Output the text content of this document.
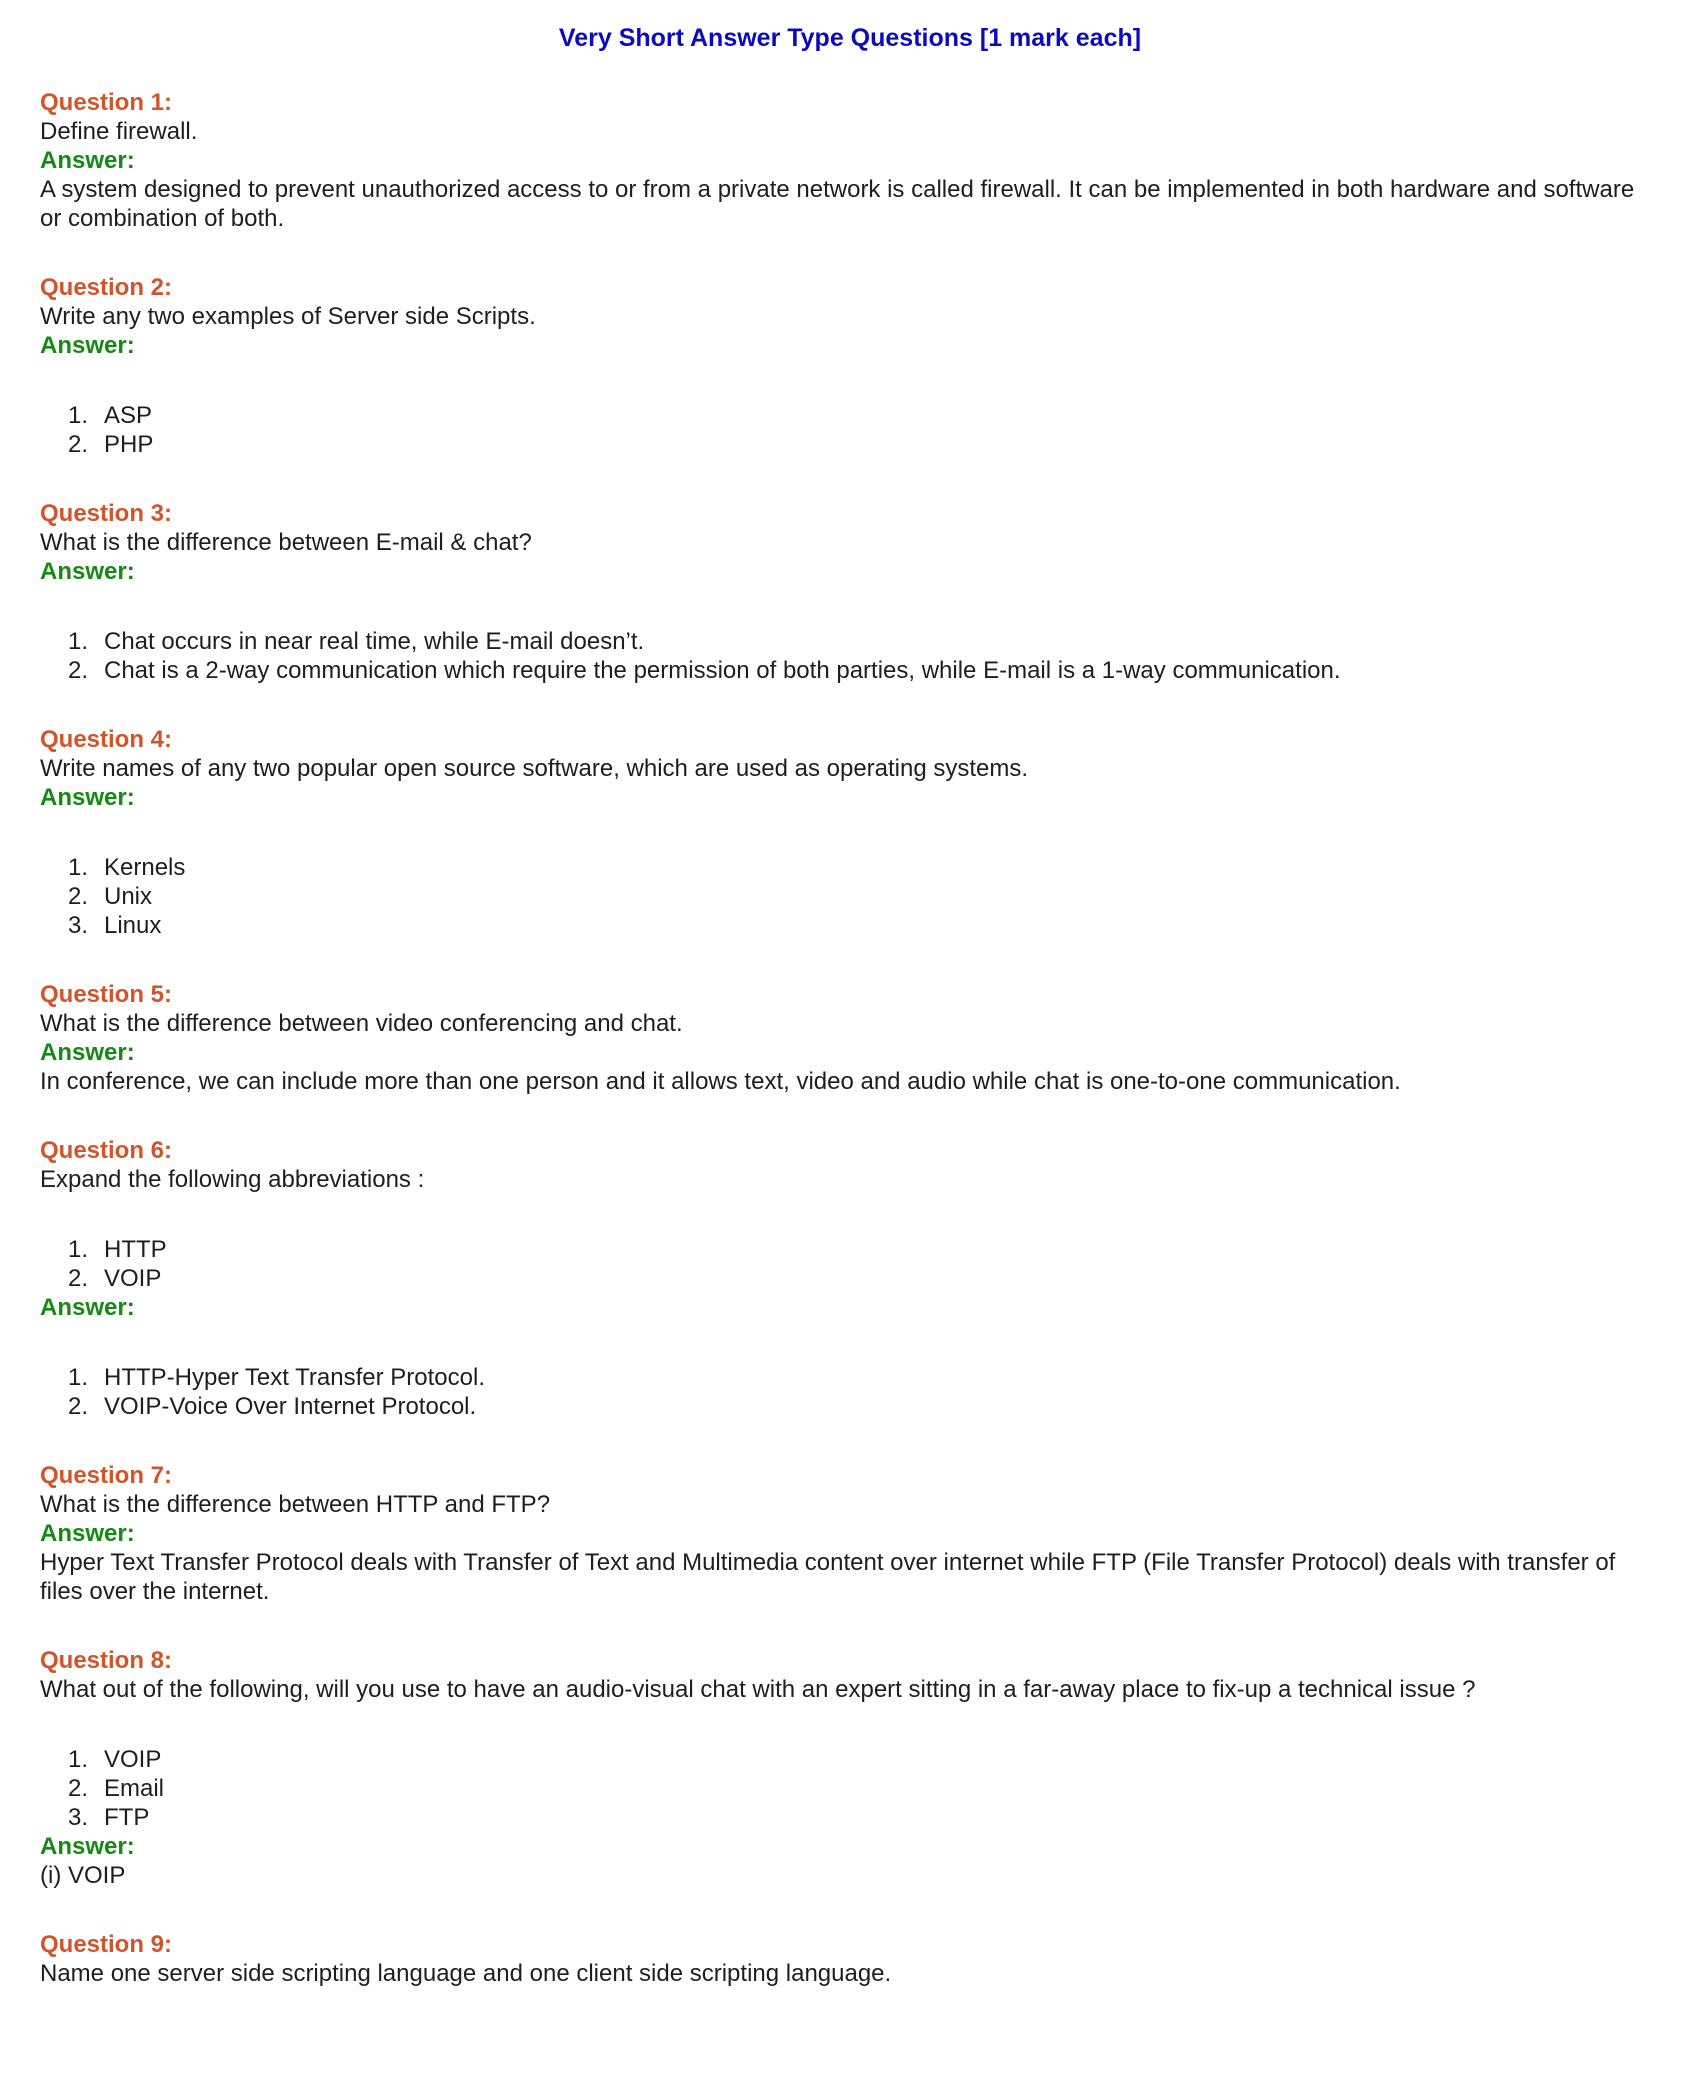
Very Short Answer Type Questions [1 mark each]
Question 1:
Define firewall.
Answer:
A system designed to prevent unauthorized access to or from a private network is called firewall. It can be implemented in both hardware and software or combination of both.
Question 2:
Write any two examples of Server side Scripts.
Answer:
1. ASP
2. PHP
Question 3:
What is the difference between E-mail & chat?
Answer:
1. Chat occurs in near real time, while E-mail doesn’t.
2. Chat is a 2-way communication which require the permission of both parties, while E-mail is a 1-way communication.
Question 4:
Write names of any two popular open source software, which are used as operating systems.
Answer:
1. Kernels
2. Unix
3. Linux
Question 5:
What is the difference between video conferencing and chat.
Answer:
In conference, we can include more than one person and it allows text, video and audio while chat is one-to-one communication.
Question 6:
Expand the following abbreviations :
1. HTTP
2. VOIP
Answer:
1. HTTP-Hyper Text Transfer Protocol.
2. VOIP-Voice Over Internet Protocol.
Question 7:
What is the difference between HTTP and FTP?
Answer:
Hyper Text Transfer Protocol deals with Transfer of Text and Multimedia content over internet while FTP (File Transfer Protocol) deals with transfer of files over the internet.
Question 8:
What out of the following, will you use to have an audio-visual chat with an expert sitting in a far-away place to fix-up a technical issue ?
1. VOIP
2. Email
3. FTP
Answer:
(i) VOIP
Question 9:
Name one server side scripting language and one client side scripting language.
